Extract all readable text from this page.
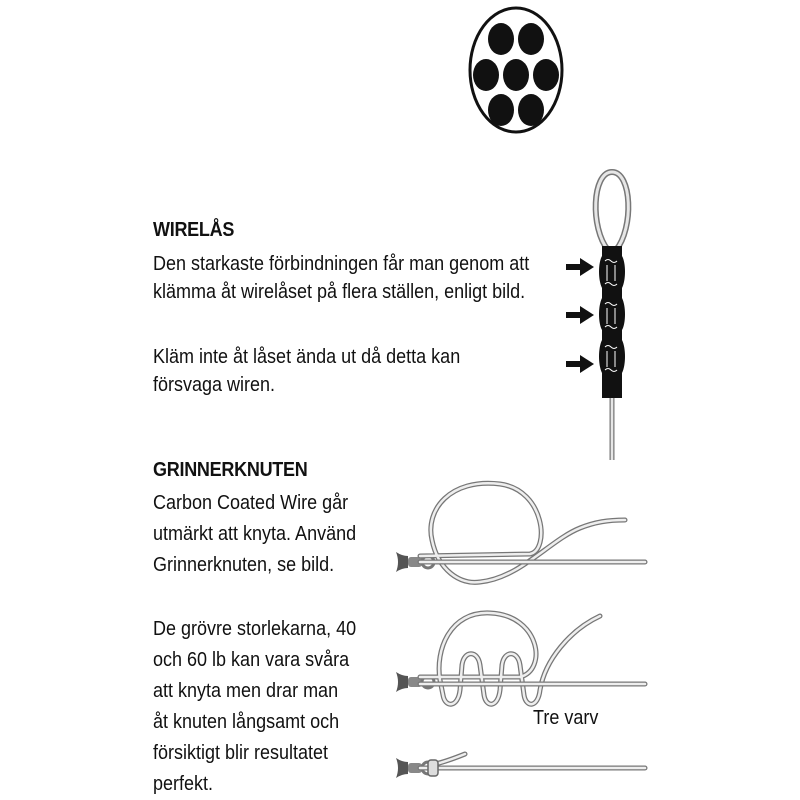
WIRELÅS
Den starkaste förbindningen får man genom att
klämma åt wirelåset på flera ställen, enligt bild.
Kläm inte åt låset ända ut då detta kan
försvaga wiren.
GRINNERKNUTEN
Carbon Coated Wire går
utmärkt att knyta. Använd
Grinnerknuten, se bild.
De grövre storlekarna, 40
och 60 lb kan vara svåra
att knyta men drar man
åt knuten långsamt och
försiktigt blir resultatet
perfekt.
Tre varv
